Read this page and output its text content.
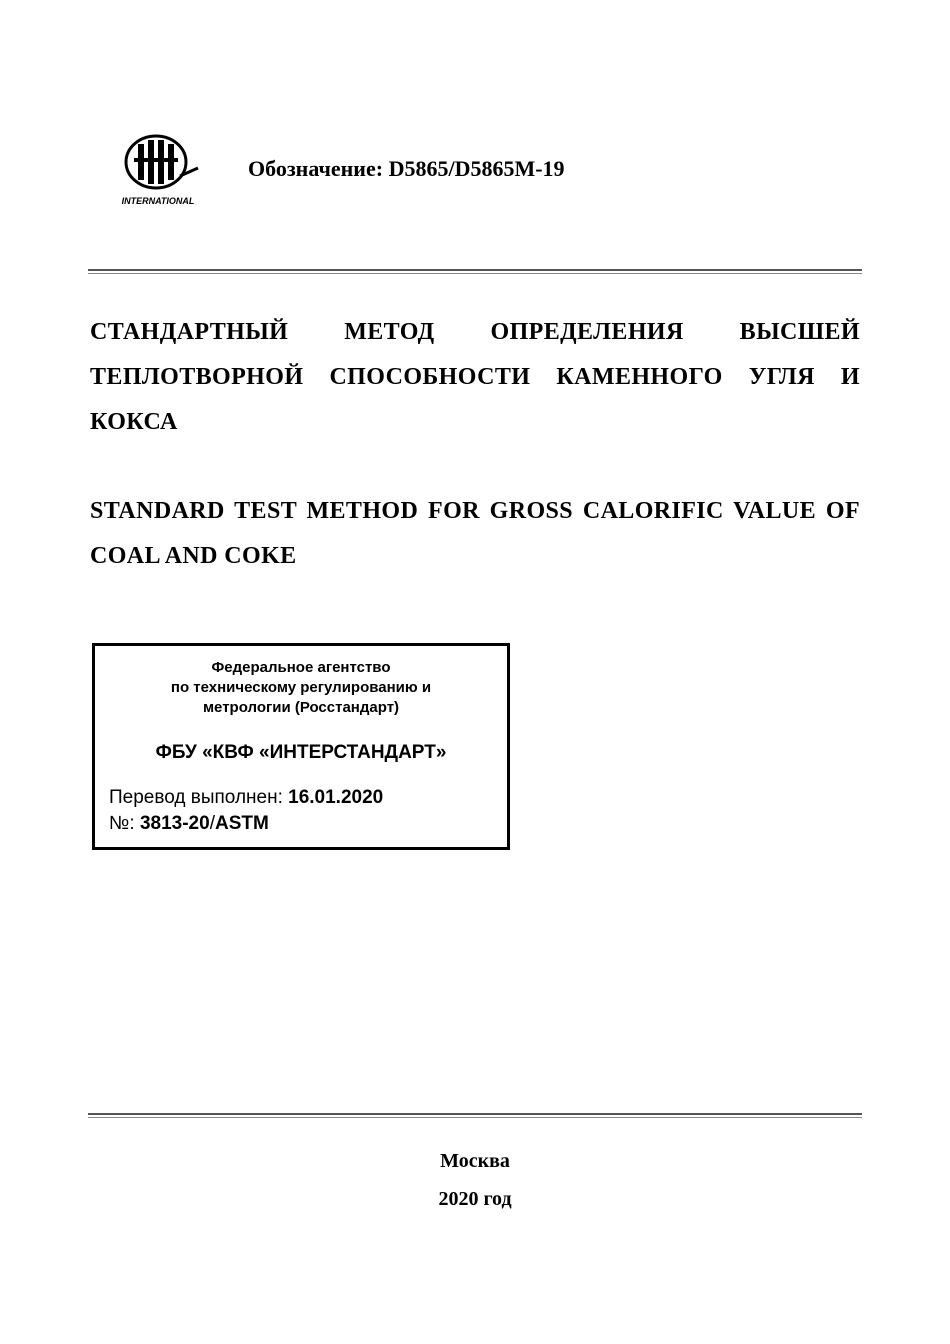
INTERNATIONAL
Обозначение: D5865/D5865M-19
СТАНДАРТНЫЙ МЕТОД ОПРЕДЕЛЕНИЯ ВЫСШЕЙ ТЕПЛОТВОРНОЙ СПОСОБНОСТИ КАМЕННОГО УГЛЯ И КОКСА
STANDARD TEST METHOD FOR GROSS CALORIFIC VALUE OF COAL AND COKE
Федеральное агентство
по техническому регулированию и
метрологии (Росстандарт)
ФБУ «КВФ «ИНТЕРСТАНДАРТ»
Перевод выполнен: 16.01.2020
№: 3813-20/ASTM
Москва
2020 год
